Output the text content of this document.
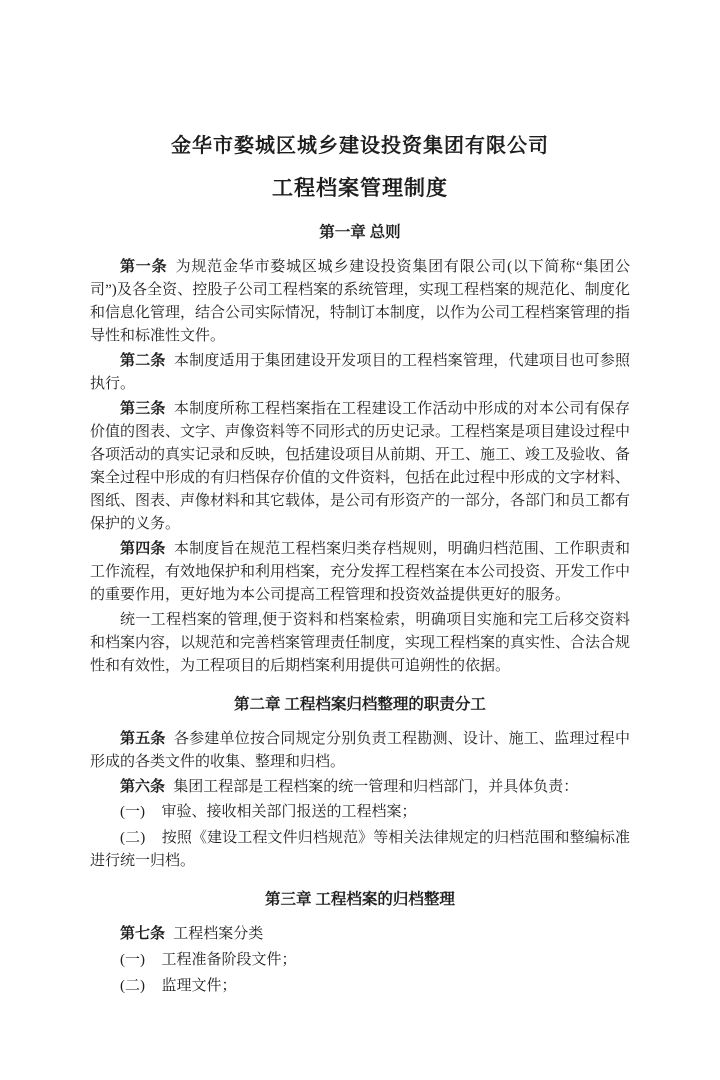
金华市婺城区城乡建设投资集团有限公司
工程档案管理制度
第一章 总则

第一条 为规范金华市婺城区城乡建设投资集团有限公司(以下简称“集团公司”)及各全资、控股子公司工程档案的系统管理，实现工程档案的规范化、制度化和信息化管理，结合公司实际情况，特制订本制度，以作为公司工程档案管理的指导性和标准性文件。

第二条 本制度适用于集团建设开发项目的工程档案管理，代建项目也可参照执行。

第三条 本制度所称工程档案指在工程建设工作活动中形成的对本公司有保存价值的图表、文字、声像资料等不同形式的历史记录。工程档案是项目建设过程中各项活动的真实记录和反映，包括建设项目从前期、开工、施工、竣工及验收、备案全过程中形成的有归档保存价值的文件资料，包括在此过程中形成的文字材料、图纸、图表、声像材料和其它载体，是公司有形资产的一部分，各部门和员工都有保护的义务。

第四条 本制度旨在规范工程档案归类存档规则，明确归档范围、工作职责和工作流程，有效地保护和利用档案，充分发挥工程档案在本公司投资、开发工作中的重要作用，更好地为本公司提高工程管理和投资效益提供更好的服务。

统一工程档案的管理,便于资料和档案检索，明确项目实施和完工后移交资料和档案内容，以规范和完善档案管理责任制度，实现工程档案的真实性、合法合规性和有效性，为工程项目的后期档案利用提供可追朔性的依据。

第二章 工程档案归档整理的职责分工

第五条 各参建单位按合同规定分别负责工程勘测、设计、施工、监理过程中形成的各类文件的收集、整理和归档。

第六条 集团工程部是工程档案的统一管理和归档部门，并具体负责：

(一) 审验、接收相关部门报送的工程档案；

(二) 按照《建设工程文件归档规范》等相关法律规定的归档范围和整编标准进行统一归档。

第三章 工程档案的归档整理

第七条 工程档案分类

(一) 工程准备阶段文件；

(二) 监理文件；
